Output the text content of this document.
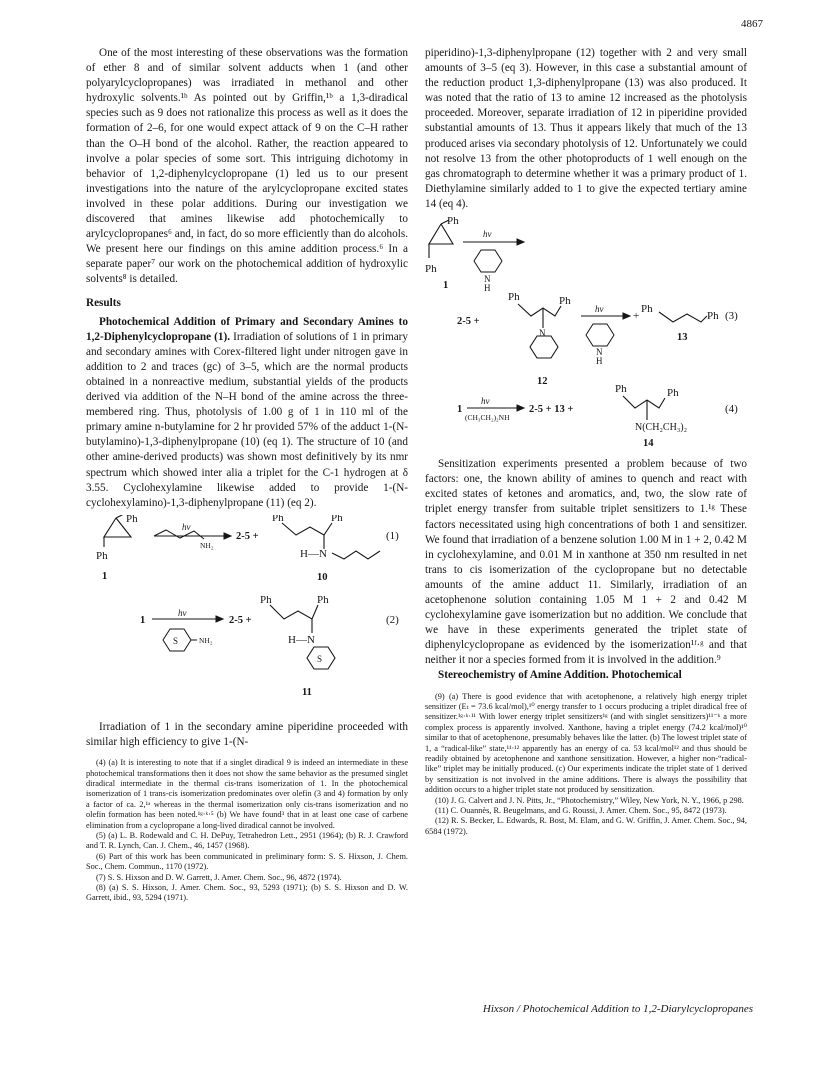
4867

One of the most interesting of these observations was the formation of ether 8 and of similar solvent adducts when 1 (and other polyarylcyclopropanes) was irradiated in methanol and other hydroxylic solvents.¹ᵇ As pointed out by Griffin,¹ᵇ a 1,3-diradical species such as 9 does not rationalize this process as well as it does the formation of 2–6, for one would expect attack of 9 on the C–H rather than the O–H bond of the alcohol. Rather, the reaction appeared to involve a polar species of some sort. This intriguing dichotomy in behavior of 1,2-diphenylcyclopropane (1) led us to our present investigations into the nature of the arylcyclopropane excited states involved in these polar additions. During our investigation we discovered that amines likewise add photochemically to arylcyclopropanes⁶ and, in fact, do so more efficiently than do alcohols. We present here our findings on this amine addition process.⁶ In a separate paper⁷ our work on the photochemical addition of hydroxylic solvents⁸ is detailed.

Results

Photochemical Addition of Primary and Secondary Amines to 1,2-Diphenylcyclopropane (1). Irradiation of solutions of 1 in primary and secondary amines with Corex-filtered light under nitrogen gave in addition to 2 and traces (gc) of 3–5, which are the normal products obtained in a nonreactive medium, substantial yields of the products derived via addition of the N–H bond of the amine across the three-membered ring. Thus, photolysis of 1.00 g of 1 in 110 ml of the primary amine n-butylamine for 2 hr provided 57% of the adduct 1-(N-butylamino)-1,3-diphenylpropane (10) (eq 1). The structure of 10 (and other amine-derived products) was shown most definitively by its nmr spectrum which showed inter alia a triplet for the C-1 hydrogen at δ 3.55. Cyclohexylamine likewise added to provide 1-(N-cyclohexylamino)-1,3-diphenylpropane (11) (eq 2).

Ph
Ph
1
hν
NH₂
2-5 +
Ph	Ph
H—N
10
(1)
1
hν
S	NH₂
2-5 +
Ph	Ph
H—N
S
11
(2)

Irradiation of 1 in the secondary amine piperidine proceeded with similar high efficiency to give 1-(N-

(4) (a) It is interesting to note that if a singlet diradical 9 is indeed an intermediate in these photochemical transformations then it does not show the same behavior as the presumed singlet diradical intermediate in the thermal cis-trans isomerization of 1. In the photochemical isomerization of 1 trans-cis isomerization predominates over olefin (3 and 4) formation by only a factor of ca. 2,¹ᵃ whereas in the thermal isomerization only cis-trans isomerization and no olefin formation has been noted.¹ᵍ·ᵏ·⁵ (b) We have found³ that in at least one case of carbene elimination from a cyclopropane a long-lived diradical cannot be involved.

(5) (a) L. B. Rodewald and C. H. DePuy, Tetrahedron Lett., 2951 (1964); (b) R. J. Crawford and T. R. Lynch, Can. J. Chem., 46, 1457 (1968).

(6) Part of this work has been communicated in preliminary form: S. S. Hixson, J. Chem. Soc., Chem. Commun., 1170 (1972).

(7) S. S. Hixson and D. W. Garrett, J. Amer. Chem. Soc., 96, 4872 (1974).

(8) (a) S. S. Hixson, J. Amer. Chem. Soc., 93, 5293 (1971); (b) S. S. Hixson and D. W. Garrett, ibid., 93, 5294 (1971).

piperidino)-1,3-diphenylpropane (12) together with 2 and very small amounts of 3–5 (eq 3). However, in this case a substantial amount of the reduction product 1,3-diphenylpropane (13) was also produced. It was noted that the ratio of 13 to amine 12 increased as the photolysis proceeded. Moreover, separate irradiation of 12 in piperidine provided substantial amounts of 13. Thus it appears likely that much of the 13 produced arises via secondary photolysis of 12. Unfortunately we could not resolve 13 from the other photoproducts of 1 well enough on the gas chromatograph to determine whether it was a primary product of 1. Diethylamine similarly added to 1 to give the expected tertiary amine 14 (eq 4).

Ph
Ph
1
hν
N
H
2-5 +
Ph	Ph
N
12
hν
N
H
+
Ph
Ph (3)
13
1
hν
(CH₃CH₂)₂NH
2-5 + 13 +
Ph	Ph
N(CH₂CH₃)₂
(4)
14

Sensitization experiments presented a problem because of two factors: one, the known ability of amines to quench and react with excited states of ketones and aromatics, and, two, the slow rate of triplet energy transfer from suitable triplet sensitizers to 1.¹ᵍ These factors necessitated using high concentrations of both 1 and sensitizer. We found that irradiation of a benzene solution 1.00 M in 1 + 2, 0.42 M in cyclohexylamine, and 0.01 M in xanthone at 350 nm resulted in net trans to cis isomerization of the cyclopropane but no detectable amounts of the amine adduct 11. Similarly, irradiation of an acetophenone solution containing 1.05 M 1 + 2 and 0.42 M cyclohexylamine gave isomerization but no addition. We conclude that we have in these experiments generated the triplet state of diphenylcyclopropane as evidenced by the isomerization¹ᶠ·ᵍ and that neither it nor a species formed from it is involved in the addition.⁹

Stereochemistry of Amine Addition. Photochemical

(9) (a) There is good evidence that with acetophenone, a relatively high energy triplet sensitizer (Eₜ = 73.6 kcal/mol),¹⁰ energy transfer to 1 occurs producing a triplet diradical free of sensitizer.¹ᵍ·ᵏ·¹¹ With lower energy triplet sensitizers¹ᵍ (and with singlet sensitizers)¹¹⁻ᵏ a more complex process is apparently involved. Xanthone, having a triplet energy (74.2 kcal/mol)¹⁰ similar to that of acetophenone, presumably behaves like the latter. (b) The lowest triplet state of 1, a “radical-like” state,¹¹·¹² apparently has an energy of ca. 53 kcal/mol¹² and thus should be readily obtained by acetophenone and xanthone sensitization. However, a higher non-“radical-like” triplet may be initially produced. (c) Our experiments indicate the triplet state of 1 derived by sensitization is not involved in the amine additions. There is always the possibility that addition occurs to a higher triplet state not produced by sensitization.

(10) J. G. Calvert and J. N. Pitts, Jr., “Photochemistry,” Wiley, New York, N. Y., 1966, p 298.

(11) C. Ouannès, R. Beugelmans, and G. Roussi, J. Amer. Chem. Soc., 95, 8472 (1973).

(12) R. S. Becker, L. Edwards, R. Bost, M. Elam, and G. W. Griffin, J. Amer. Chem. Soc., 94, 6584 (1972).

Hixson / Photochemical Addition to 1,2-Diarylcyclopropanes
